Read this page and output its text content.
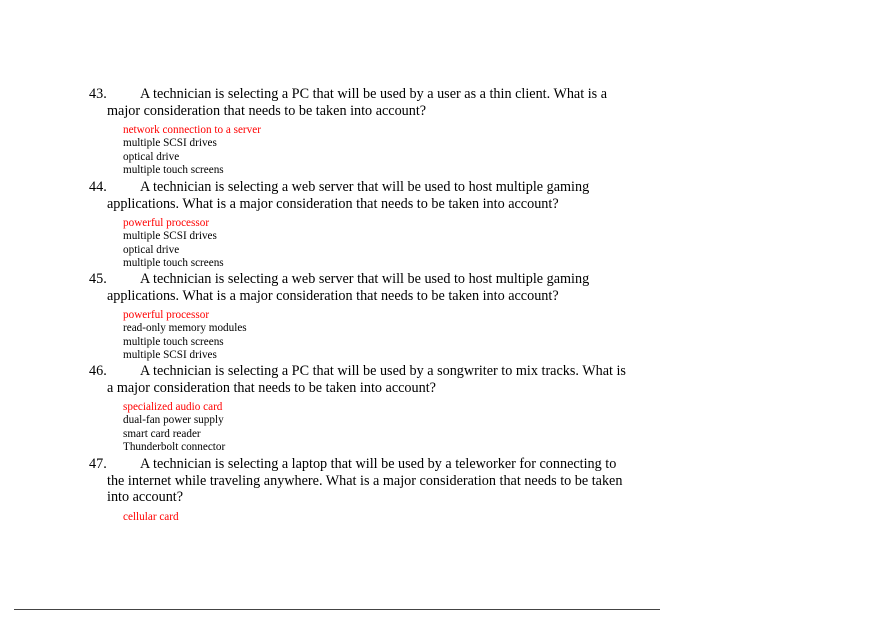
43. A technician is selecting a PC that will be used by a user as a thin client. What is a major consideration that needs to be taken into account?

network connection to a server
multiple SCSI drives
optical drive
multiple touch screens

44. A technician is selecting a web server that will be used to host multiple gaming applications. What is a major consideration that needs to be taken into account?

powerful processor
multiple SCSI drives
optical drive
multiple touch screens

45. A technician is selecting a web server that will be used to host multiple gaming applications. What is a major consideration that needs to be taken into account?

powerful processor
read-only memory modules
multiple touch screens
multiple SCSI drives

46. A technician is selecting a PC that will be used by a songwriter to mix tracks. What is a major consideration that needs to be taken into account?

specialized audio card
dual-fan power supply
smart card reader
Thunderbolt connector

47. A technician is selecting a laptop that will be used by a teleworker for connecting to the internet while traveling anywhere. What is a major consideration that needs to be taken into account?

cellular card
